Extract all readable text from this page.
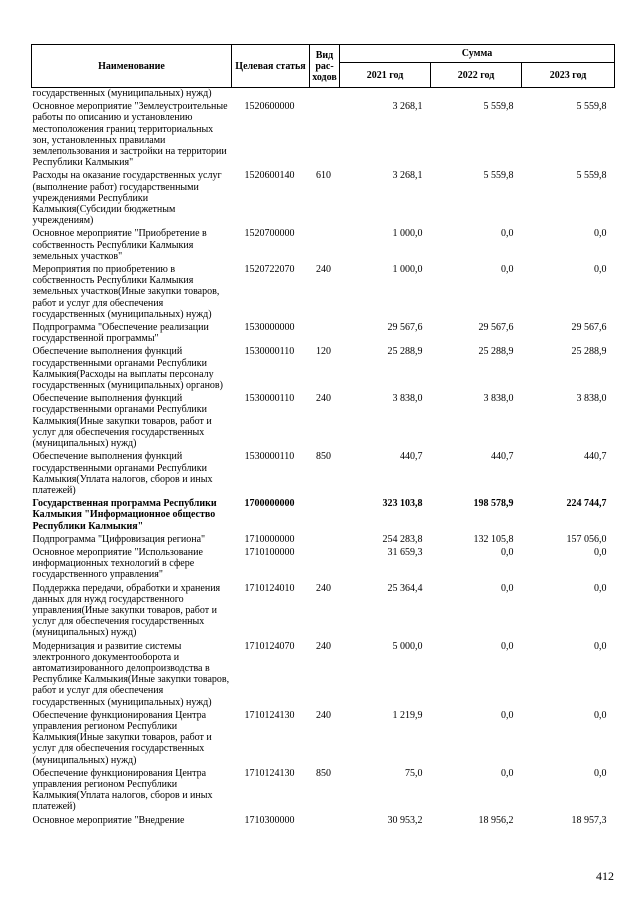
Наименование	Целевая статья	Вид рас-ходов	Сумма		
			2021 год	2022 год	2023 год
государственных (муниципальных) нужд)					
Основное мероприятие "Землеустроительные работы по описанию и установлению местоположения границ территориальных зон, установленных правилами землепользования и застройки на территории Республики Калмыкия"	1520600000		3 268,1	5 559,8	5 559,8
Расходы на оказание государственных услуг (выполнение работ) государственными учреждениями Республики Калмыкия(Субсидии бюджетным учреждениям)	1520600140	610	3 268,1	5 559,8	5 559,8
Основное мероприятие "Приобретение в собственность Республики Калмыкия земельных участков"	1520700000		1 000,0	0,0	0,0
Мероприятия по приобретению в собственность Республики Калмыкия земельных участков(Иные закупки товаров, работ и услуг для обеспечения государственных (муниципальных) нужд)	1520722070	240	1 000,0	0,0	0,0
Подпрограмма "Обеспечение реализации государственной программы"	1530000000		29 567,6	29 567,6	29 567,6
Обеспечение выполнения функций государственными органами Республики Калмыкия(Расходы на выплаты персоналу государственных (муниципальных) органов)	1530000110	120	25 288,9	25 288,9	25 288,9
Обеспечение выполнения функций государственными органами Республики Калмыкия(Иные закупки товаров, работ и услуг для обеспечения государственных (муниципальных) нужд)	1530000110	240	3 838,0	3 838,0	3 838,0
Обеспечение выполнения функций государственными органами Республики Калмыкия(Уплата налогов, сборов и иных платежей)	1530000110	850	440,7	440,7	440,7
Государственная программа Республики Калмыкия "Информационное общество Республики Калмыкия"	1700000000		323 103,8	198 578,9	224 744,7
Подпрограмма "Цифровизация региона"	1710000000		254 283,8	132 105,8	157 056,0
Основное мероприятие "Использование информационных технологий в сфере государственного управления"	1710100000		31 659,3	0,0	0,0
Поддержка передачи, обработки и хранения данных для нужд государственного управления(Иные закупки товаров, работ и услуг для обеспечения государственных (муниципальных) нужд)	1710124010	240	25 364,4	0,0	0,0
Модернизация и развитие системы электронного документооборота и автоматизированного делопроизводства в Республике Калмыкия(Иные закупки товаров, работ и услуг для обеспечения государственных (муниципальных) нужд)	1710124070	240	5 000,0	0,0	0,0
Обеспечение функционирования Центра управления регионом Республики Калмыкия(Иные закупки товаров, работ и услуг для обеспечения государственных (муниципальных) нужд)	1710124130	240	1 219,9	0,0	0,0
Обеспечение функционирования Центра управления регионом Республики Калмыкия(Уплата налогов, сборов и иных платежей)	1710124130	850	75,0	0,0	0,0
Основное мероприятие "Внедрение	1710300000		30 953,2	18 956,2	18 957,3
412
